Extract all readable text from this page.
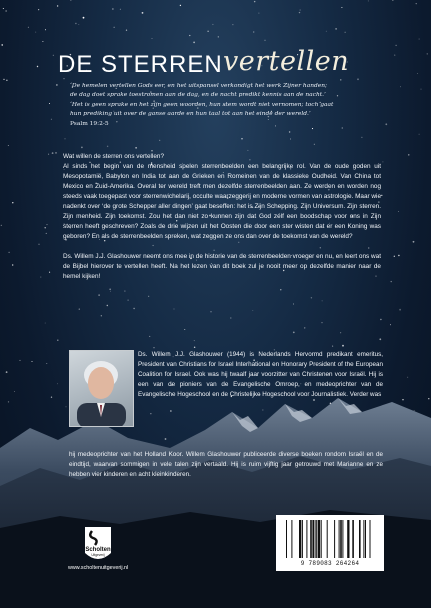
DE STERREN vertellen

‘De hemelen vertellen Gods eer, en het uitspansel verkondigt het werk Zijner handen;

de dag doet sprake toestromen aan de dag, en de nacht predikt kennis aan de nacht.’

‘Het is geen sprake en het zijn geen woorden, hun stem wordt niet vernomen; toch gaat

hun prediking uit over de ganse aarde en hun taal tot aan het einde der wereld.’

Psalm 19:2-5

Wat willen de sterren ons vertellen?

Al sinds het begin van de mensheid spelen sterrenbeelden een belangrijke rol. Van de oude goden uit Mesopotamië, Babylon en India tot aan de Grieken en Romeinen van de klassieke Oudheid. Van China tot Mexico en Zuid-Amerika. Overal ter wereld treft men dezelfde sterrenbeelden aan. Ze werden en worden nog steeds vaak toegepast voor sterrenwichelarij, occulte waarzeggerij en moderne vormen van astrologie. Maar wie nadenkt over ‘de grote Schepper aller dingen’ gaat beseffen: het is Zijn Schepping. Zijn Universum. Zijn sterren. Zijn menheid. Zijn toekomst. Zou het dan niet zo kunnen zijn dat God zélf een boodschap voor ons in Zijn sterren heeft geschreven? Zoals de drie wijzen uit het Oosten die door een ster wisten dat er een Koning was geboren? En als de sterrenbeelden spreken, wat zeggen ze ons dan over de toekomst van de wereld?

Ds. Willem J.J. Glashouwer neemt ons mee in de historie van de sterrenbeelden vroeger en nu, en leert ons wat de Bijbel hierover te vertellen heeft. Na het lezen van dit boek zul je nooit meer op dezelfde manier naar de hemel kijken!

Ds. Willem J.J. Glashouwer (1944) is Nederlands Hervormd predikant emeritus, President van Christians for Israel International en Honorary President of the European Coalition for Israel. Ook was hij twaalf jaar voorzitter van Christenen voor Israël. Hij is een van de pioniers van de Evangelische Omroep, en medeoprichter van de Evangelische Hogeschool en de Christelijke Hogeschool voor Journalistiek. Verder was
hij medeoprichter van het Holland Koor. Willem Glashouwer publiceerde diverse boeken rondom Israël en de eindtijd, waarvan sommigen in vele talen zijn vertaald. Hij is ruim vijftig jaar getrouwd met Marianne en ze hebben vier kinderen en acht kleinkinderen.
Scholten
Uitgeverij
www.scholtenuitgeverij.nl
9 789083 264264
